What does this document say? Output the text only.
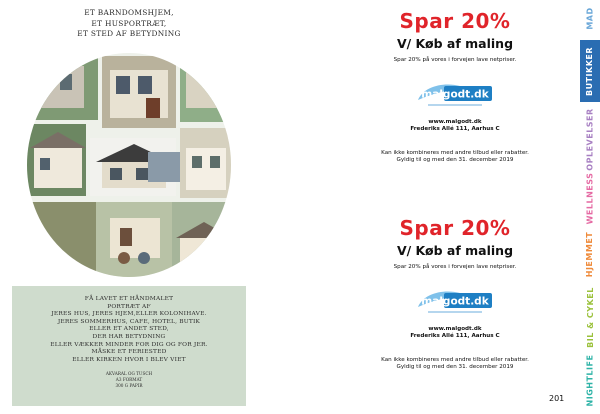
ET BARNDOMSHJEM,
ET HUSPORTRÆT,
ET STED AF BETYDNING
FÅ LAVET ET HÅNDMALET
PORTRÆT AF
JERES HUS, JERES HJEM,ELLER KOLONIHAVE.
JERES SOMMERHUS, CAFE, HOTEL, BUTIK
ELLER ET ANDET STED,
DER HAR BETYDNING
ELLER VÆKKER MINDER FOR DIG OG FOR JER.
MÅSKE ET FERIESTED
ELLER KIRKEN HVOR I BLEV VIET
AKVARAL OG TUSCH
A3 FORMAT
300 G PAPIR
Spar 20%
V/ Køb af maling
Spar 20% på vores i forvejen lave netpriser.
malgodt.dk
www.malgodt.dk
Frederiks Allé 111, Aarhus C
Kan ikke kombineres med andre tilbud eller rabatter.
Gyldig til og med den 31. december 2019
Spar 20%
V/ Køb af maling
Spar 20% på vores i forvejen lave netpriser.
malgodt.dk
www.malgodt.dk
Frederiks Allé 111, Aarhus C
Kan ikke kombineres med andre tilbud eller rabatter.
Gyldig til og med den 31. december 2019
201
MAD
BUTIKKER
OPLEVELSER
WELLNESS
HJEMMET
BIL & CYKEL
NIGHTLIFE
